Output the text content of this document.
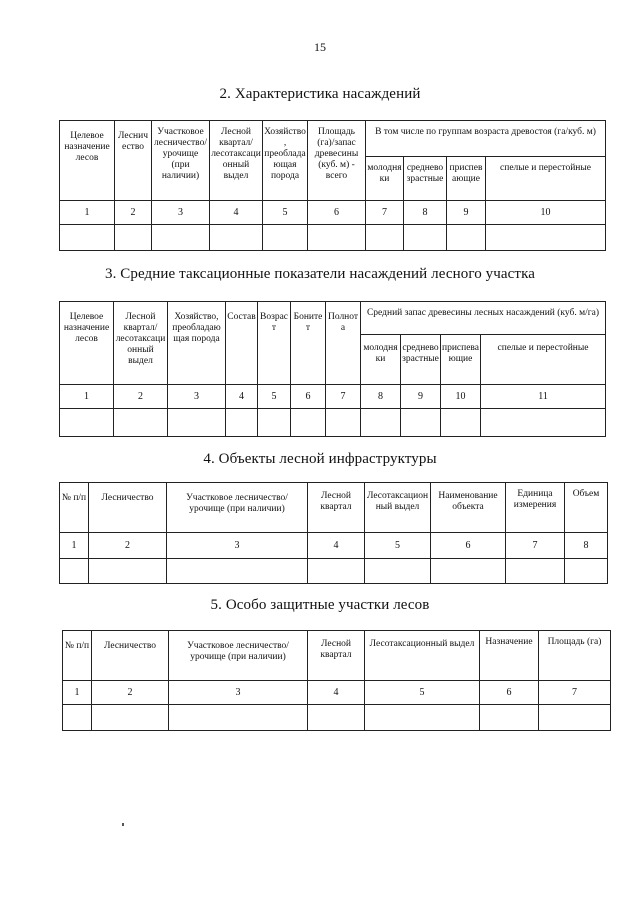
15
2. Характеристика насаждений
Целевое назначение лесов	Лесничество	Участковое лесничество/урочище (при наличии)	Лесной квартал/ лесотаксационный выдел	Хозяйство, преобладающая порода	Площадь (га)/запас древесины (куб. м) - всего	В том числе по группам возраста древостоя (га/куб. м)			
						молодняки	средневозрастные	приспевающие	спелые и перестойные
1	2	3	4	5	6	7	8	9	10

3. Средние таксационные показатели насаждений лесного участка
Целевое назначение лесов	Лесной квартал/ лесотаксационный выдел	Хозяйство, преобладающая порода	Состав	Возраст	Бонитет	Полнота	Средний запас древесины лесных насаждений (куб. м/га)			
							молодняки	средневозрастные	приспевающие	спелые и перестойные
1	2	3	4	5	6	7	8	9	10	11

4. Объекты лесной инфраструктуры
№ п/п	Лесничество	Участковое лесничество/ урочище (при наличии)	Лесной квартал	Лесотаксационный выдел	Наименование объекта	Единица измерения	Объем
1	2	3	4	5	6	7	8

5. Особо защитные участки лесов
№ п/п	Лесничество	Участковое лесничество/урочище (при наличии)	Лесной квартал	Лесотаксационный выдел	Назначение	Площадь (га)
1	2	3	4	5	6	7
